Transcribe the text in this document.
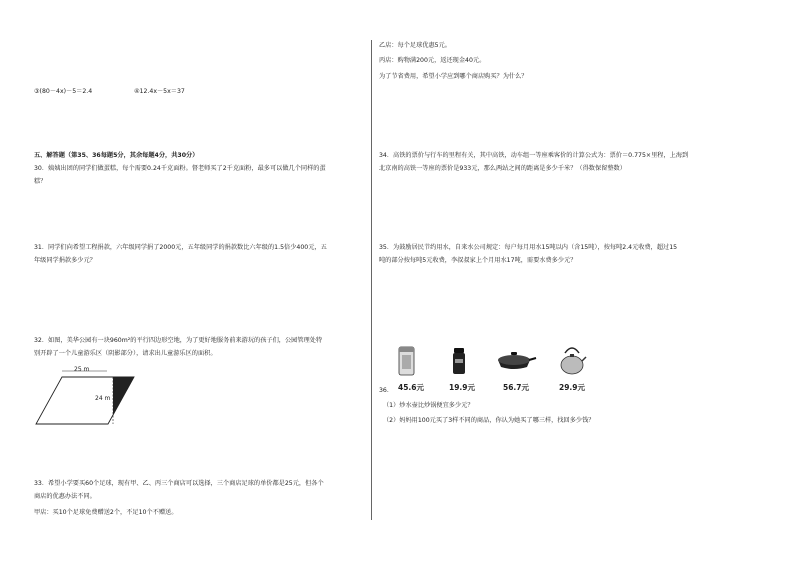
③(80－4x)－5＝2.4	④12.4x－5x＝37
五、解答题（第35、36每题5分，其余每题4分，共30分）
30．姨姨出团的同学们做蛋糕，每个需要0.24千克面粉。督老师买了2千克面粉，最多可以做几个同样的蛋
糕？
31．同学们向希望工程捐款，六年级同学捐了2000元，五年级同学的捐款数比六年级的1.5倍少400元，五
年级同学捐款多少元？
32．如图，美华公园有一块960m²的平行四边形空地，为了更好地服务前来游玩的孩子们，公园管理处特
别开辟了一个儿童游乐区（阴影部分），请求出儿童游乐区的面积。
25 m
24 m
33．希望小学要买60个足球，现有甲、乙、丙三个商店可以选择，三个商店足球的单价都是25元，但各个
商店的优惠办法不同。
甲店：买10个足球免费赠送2个，不足10个不赠送。
乙店：每个足球优惠5元。
丙店：购物满200元，返还现金40元。
为了节省费用，希望小学应到哪个商店购买？为什么？
34．高铁的票价与行车的里程有关，其中高铁，动车组一等座乘客价的计算公式为：票价＝0.775×里程，上海到
北京南的高铁一等座的票价是933元，那么两站之间的距离是多少千米？（得数保留整数）
35．为鼓励居民节约用水，自来水公司规定：每户每月用水15吨以内（含15吨），按每吨2.4元收费，超过15
吨的部分按每吨5元收费，李叔叔家上个月用水17吨，需要水费多少元？
45.6元	19.9元	56.7元	29.9元
36．
（1）炒水壶比炒锅便宜多少元？
（2）妈妈用100元买了3样不同的商品，你认为她买了哪三样，找回多少钱？
